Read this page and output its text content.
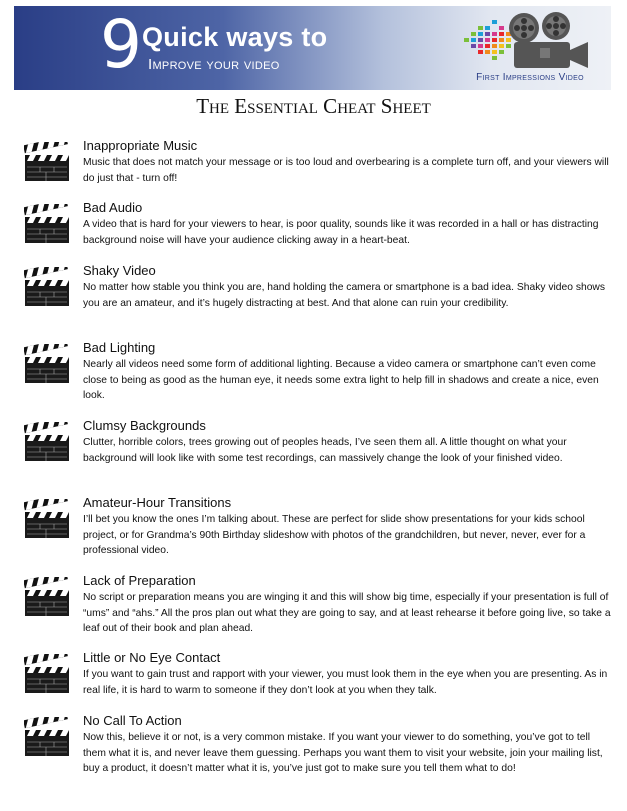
9 Quick ways to
Improve your video
First Impressions Video
The Essential Cheat Sheet
Inappropriate Music
Music that does not match your message or is too loud and overbearing is a complete turn off, and your viewers will do just that - turn off!
Bad Audio
A video that is hard for your viewers to hear, is poor quality, sounds like it was recorded in a hall or has distracting background noise will have your audience clicking away in a heart-beat.
Shaky Video
No matter how stable you think you are, hand holding the camera or smartphone is a bad idea. Shaky video shows you are an amateur, and it’s hugely distracting at best. And that alone can ruin your credibility.
Bad Lighting
Nearly all videos need some form of additional lighting. Because a video camera or smartphone can’t even come close to being as good as the human eye, it needs some extra light to help fill in shadows and create a nice, even look.
Clumsy Backgrounds
Clutter, horrible colors, trees growing out of peoples heads, I’ve seen them all. A little thought on what your background will look like with some test recordings, can massively change the look of your finished video.
Amateur-Hour Transitions
I’ll bet you know the ones I’m talking about. These are perfect for slide show presentations for your kids school project, or for Grandma’s 90th Birthday slideshow with photos of the grandchildren, but never, never, ever for a professional video.
Lack of Preparation
No script or preparation means you are winging it and this will show big time, especially if your presentation is full of “ums” and “ahs.” All the pros plan out what they are going to say, and at least rehearse it before going live, so take a leaf out of their book and plan ahead.
Little or No Eye Contact
If you want to gain trust and rapport with your viewer, you must look them in the eye when you are presenting. As in real life, it is hard to warm to someone if they don’t look at you when they talk.
No Call To Action
Now this, believe it or not, is a very common mistake. If you want your viewer to do something, you’ve got to tell them what it is, and never leave them guessing. Perhaps you want them to visit your website, join your mailing list, buy a product, it doesn’t matter what it is, you’ve just got to make sure you tell them what to do!
